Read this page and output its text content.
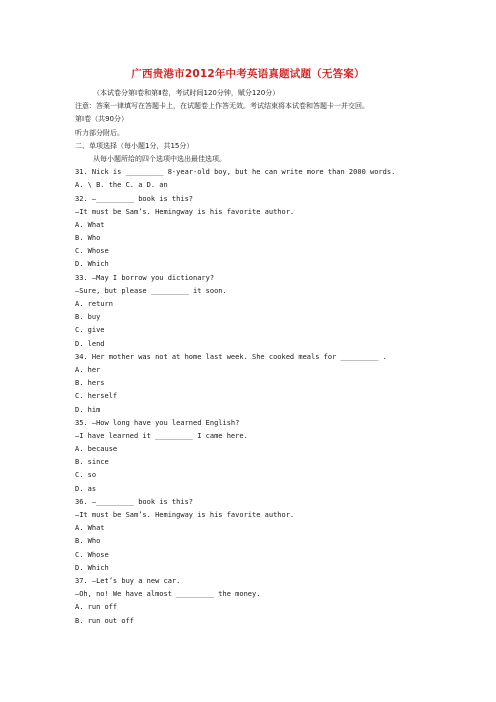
广西贵港市2012年中考英语真题试题（无答案）
（本试卷分第Ⅰ卷和第Ⅱ卷，考试时间120分钟，赋分120分）
注意：答案一律填写在答题卡上，在试题卷上作答无效。考试结束将本试卷和答题卡一并交回。
第Ⅰ卷（共90分）
听力部分附后。
二、单项选择（每小题1分，共15分）
从每小题所给的四个选项中选出最佳选项。
31. Nick is _________ 8-year-old boy, but he can write more than 2000 words.
A. \ B. the C. a D. an
32. —_________ book is this?
—It must be Sam’s. Hemingway is his favorite author.
A. What
B. Who
C. Whose
D. Which
33. —May I borrow you dictionary?
—Sure, but please _________ it soon.
A. return
B. buy
C. give
D. lend
34. Her mother was not at home last week. She cooked meals for _________ .
A. her
B. hers
C. herself
D. him
35. —How long have you learned English?
—I have learned it _________ I came here.
A. because
B. since
C. so
D. as
36. —_________ book is this?
—It must be Sam’s. Hemingway is his favorite author.
A. What
B. Who
C. Whose
D. Which
37. —Let’s buy a new car.
—Oh, no! We have almost _________ the money.
A. run off
B. run out off
